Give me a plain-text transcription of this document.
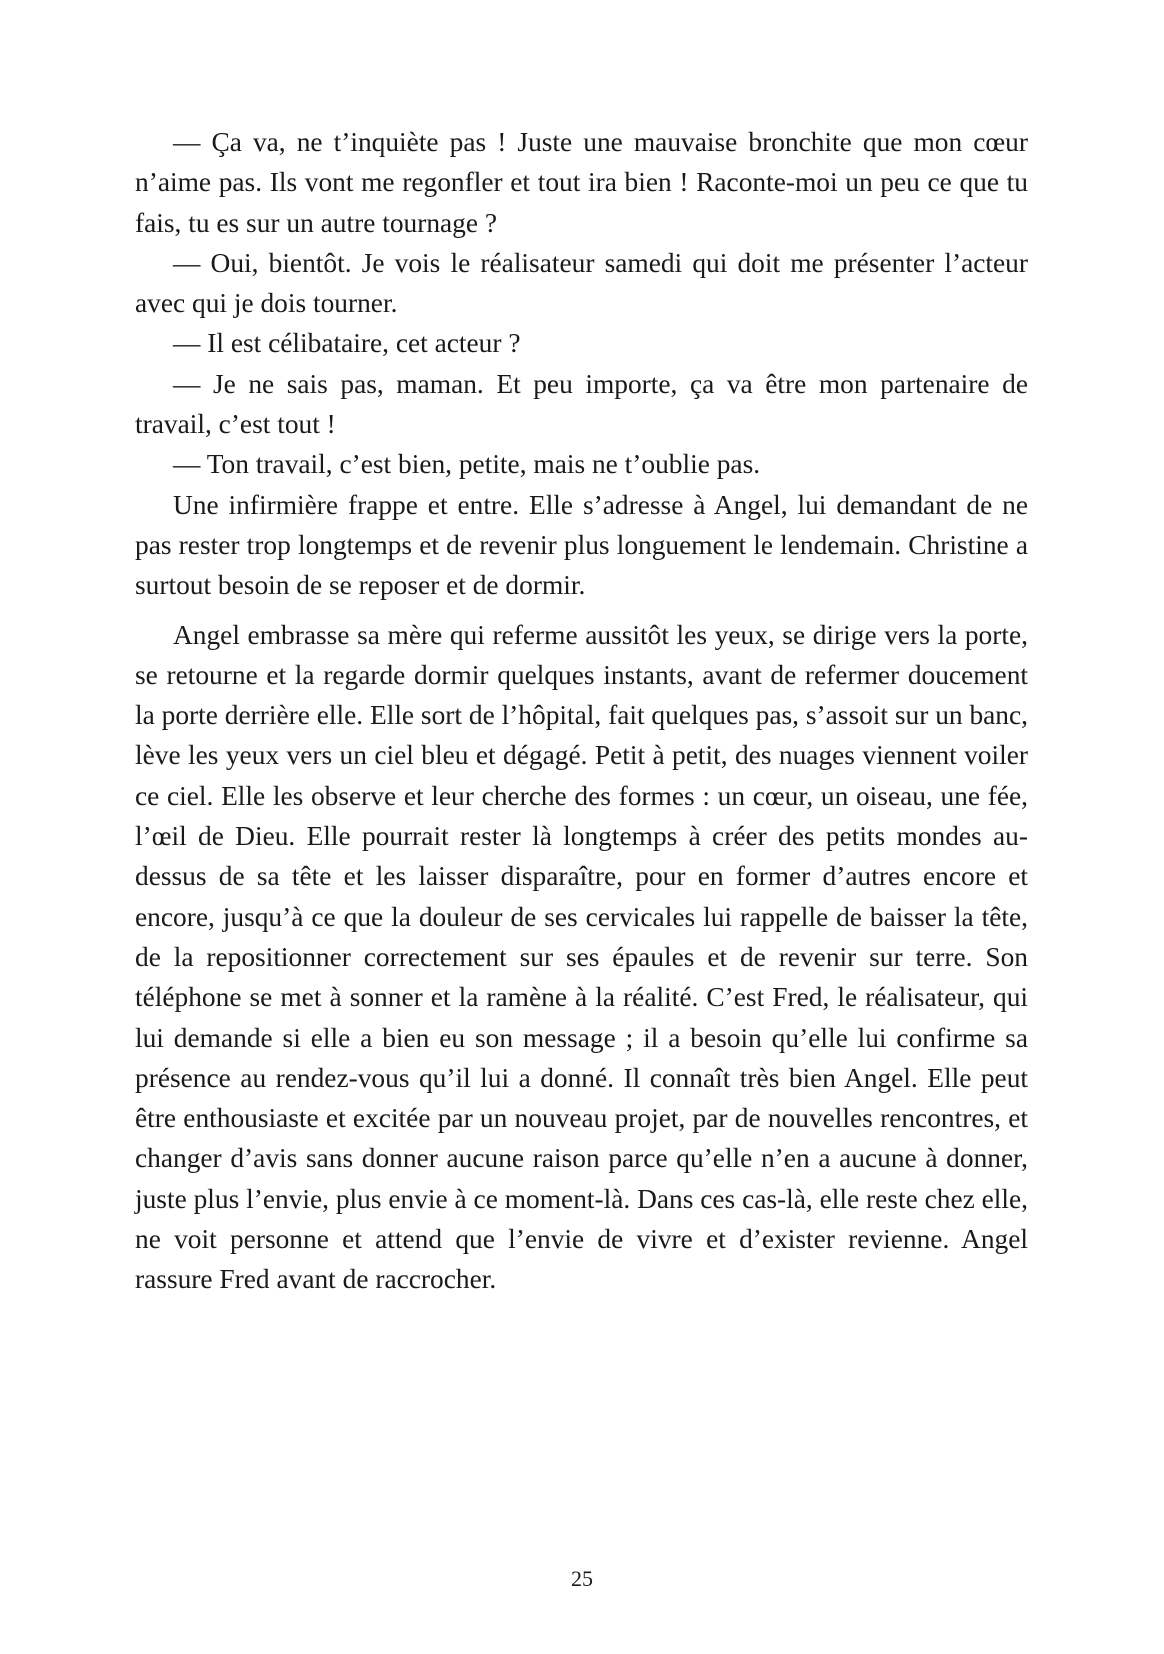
— Ça va, ne t’inquiète pas ! Juste une mauvaise bronchite que mon cœur n’aime pas. Ils vont me regonfler et tout ira bien ! Raconte-moi un peu ce que tu fais, tu es sur un autre tournage ?

— Oui, bientôt. Je vois le réalisateur samedi qui doit me présenter l’acteur avec qui je dois tourner.

— Il est célibataire, cet acteur ?

— Je ne sais pas, maman. Et peu importe, ça va être mon partenaire de travail, c’est tout !

— Ton travail, c’est bien, petite, mais ne t’oublie pas.

Une infirmière frappe et entre. Elle s’adresse à Angel, lui demandant de ne pas rester trop longtemps et de revenir plus longuement le lendemain. Christine a surtout besoin de se reposer et de dormir.

Angel embrasse sa mère qui referme aussitôt les yeux, se dirige vers la porte, se retourne et la regarde dormir quelques instants, avant de refermer doucement la porte derrière elle. Elle sort de l’hôpital, fait quelques pas, s’assoit sur un banc, lève les yeux vers un ciel bleu et dégagé. Petit à petit, des nuages viennent voiler ce ciel. Elle les observe et leur cherche des formes : un cœur, un oiseau, une fée, l’œil de Dieu. Elle pourrait rester là longtemps à créer des petits mondes au-dessus de sa tête et les laisser disparaître, pour en former d’autres encore et encore, jusqu’à ce que la douleur de ses cervicales lui rappelle de baisser la tête, de la repositionner correctement sur ses épaules et de revenir sur terre. Son téléphone se met à sonner et la ramène à la réalité. C’est Fred, le réalisateur, qui lui demande si elle a bien eu son message ; il a besoin qu’elle lui confirme sa présence au rendez-vous qu’il lui a donné. Il connaît très bien Angel. Elle peut être enthousiaste et excitée par un nouveau projet, par de nouvelles rencontres, et changer d’avis sans donner aucune raison parce qu’elle n’en a aucune à donner, juste plus l’envie, plus envie à ce moment-là. Dans ces cas-là, elle reste chez elle, ne voit personne et attend que l’envie de vivre et d’exister revienne. Angel rassure Fred avant de raccrocher.

25
